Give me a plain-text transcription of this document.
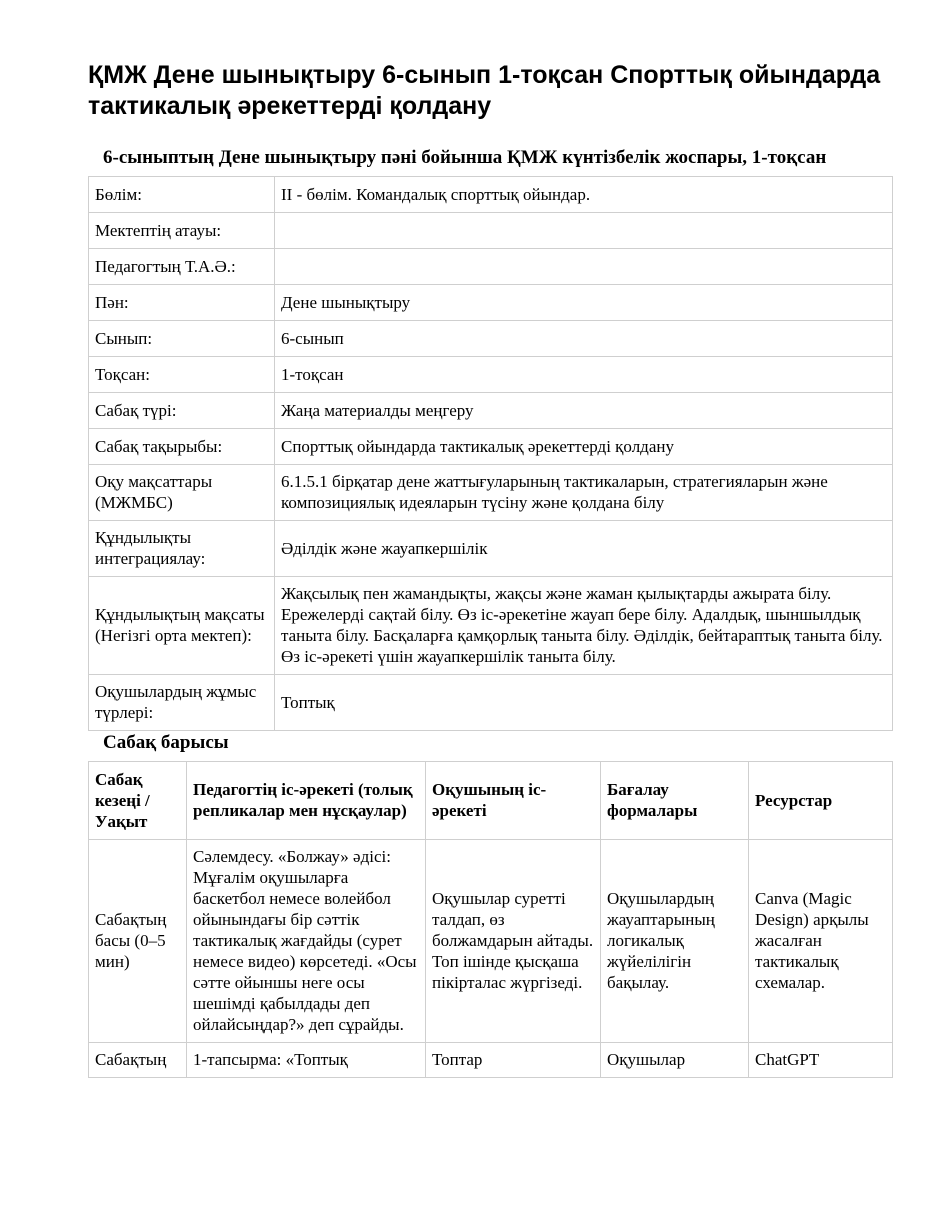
ҚМЖ Дене шынықтыру 6-сынып 1-тоқсан Спорттық ойындарда тактикалық әрекеттерді қолдану
6-сыныптың Дене шынықтыру пәні бойынша ҚМЖ күнтізбелік жоспары, 1-тоқсан
Бөлім:	ІІ - бөлім. Командалық спорттық ойындар.
Мектептің атауы:	
Педагогтың Т.А.Ә.:	
Пән:	Дене шынықтыру
Сынып:	6-сынып
Тоқсан:	1-тоқсан
Сабақ түрі:	Жаңа материалды меңгеру
Сабақ тақырыбы:	Спорттық ойындарда тактикалық әрекеттерді қолдану
Оқу мақсаттары (МЖМБС)	6.1.5.1 бірқатар дене жаттығуларының тактикаларын, стратегияларын және композициялық идеяларын түсіну және қолдана білу
Құндылықты интеграциялау:	Әділдік және жауапкершілік
Құндылықтың мақсаты (Негізгі орта мектеп):	Жақсылық пен жамандықты, жақсы және жаман қылықтарды ажырата білу. Ережелерді сақтай білу. Өз іс-әрекетіне жауап бере білу. Адалдық, шыншылдық таныта білу. Басқаларға қамқорлық таныта білу. Әділдік, бейтараптық таныта білу. Өз іс-әрекеті үшін жауапкершілік таныта білу.
Оқушылардың жұмыс түрлері:	Топтық
Сабақ барысы
Сабақ кезеңі / Уақыт	Педагогтің іс-әрекеті (толық репликалар мен нұсқаулар)	Оқушының іс-әрекеті	Бағалау формалары	Ресурстар
Сабақтың басы (0–5 мин)	Сәлемдесу. «Болжау» әдісі: Мұғалім оқушыларға баскетбол немесе волейбол ойынындағы бір сәттік тактикалық жағдайды (сурет немесе видео) көрсетеді. «Осы сәтте ойыншы неге осы шешімді қабылдады деп ойлайсыңдар?» деп сұрайды.	Оқушылар суретті талдап, өз болжамдарын айтады. Топ ішінде қысқаша пікірталас жүргізеді.	Оқушылардың жауаптарының логикалық жүйелілігін бақылау.	Canva (Magic Design) арқылы жасалған тактикалық схемалар.
Сабақтың	1-тапсырма: «Топтық	Топтар	Оқушылар	ChatGPT
